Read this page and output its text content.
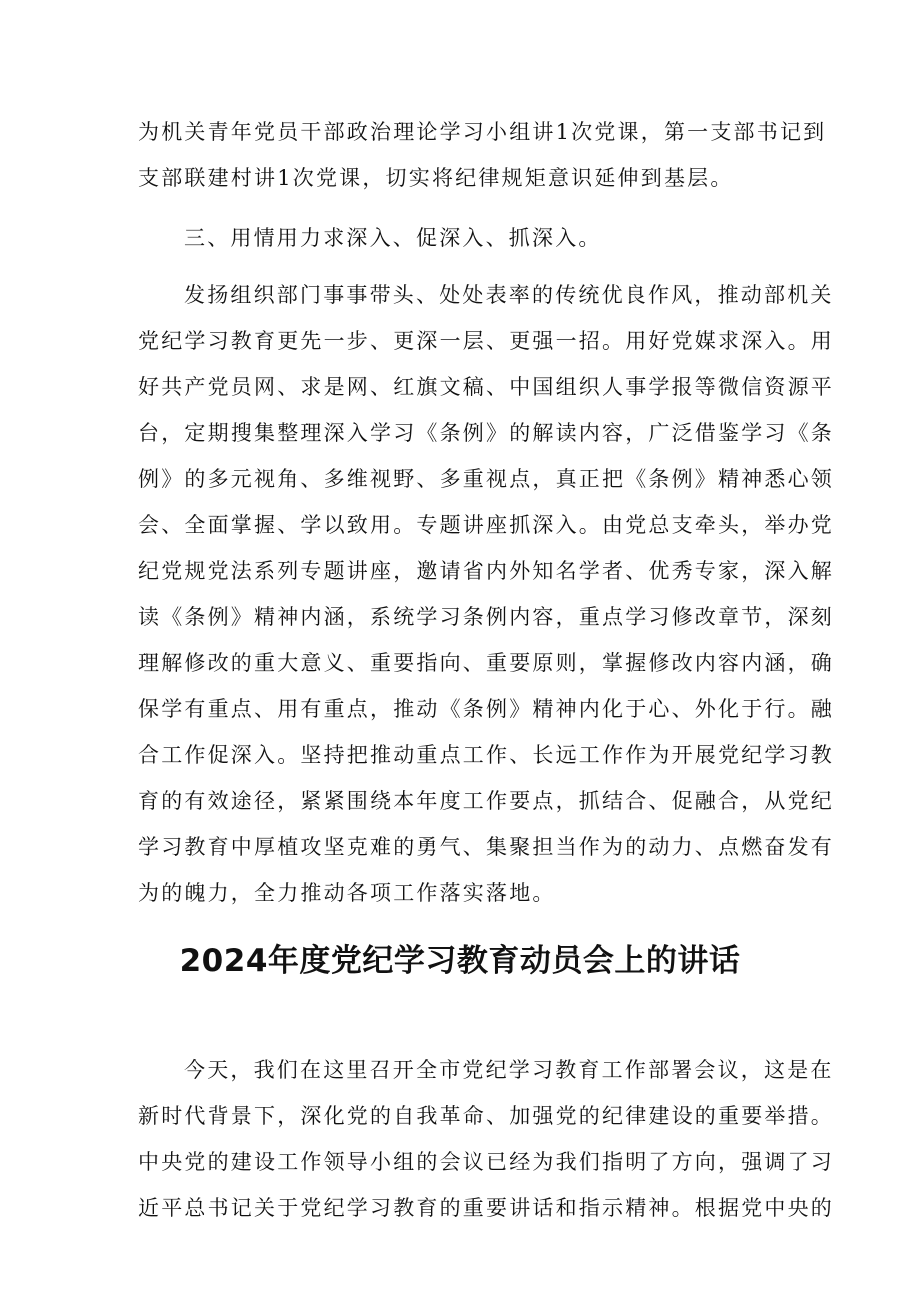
为机关青年党员干部政治理论学习小组讲1次党课，第一支部书记到
支部联建村讲1次党课，切实将纪律规矩意识延伸到基层。
三、用情用力求深入、促深入、抓深入。
发扬组织部门事事带头、处处表率的传统优良作风，推动部机关
党纪学习教育更先一步、更深一层、更强一招。用好党媒求深入。用
好共产党员网、求是网、红旗文稿、中国组织人事学报等微信资源平
台，定期搜集整理深入学习《条例》的解读内容，广泛借鉴学习《条
例》的多元视角、多维视野、多重视点，真正把《条例》精神悉心领
会、全面掌握、学以致用。专题讲座抓深入。由党总支牵头，举办党
纪党规党法系列专题讲座，邀请省内外知名学者、优秀专家，深入解
读《条例》精神内涵，系统学习条例内容，重点学习修改章节，深刻
理解修改的重大意义、重要指向、重要原则，掌握修改内容内涵，确
保学有重点、用有重点，推动《条例》精神内化于心、外化于行。融
合工作促深入。坚持把推动重点工作、长远工作作为开展党纪学习教
育的有效途径，紧紧围绕本年度工作要点，抓结合、促融合，从党纪
学习教育中厚植攻坚克难的勇气、集聚担当作为的动力、点燃奋发有
为的魄力，全力推动各项工作落实落地。
2024年度党纪学习教育动员会上的讲话
今天，我们在这里召开全市党纪学习教育工作部署会议，这是在
新时代背景下，深化党的自我革命、加强党的纪律建设的重要举措。
中央党的建设工作领导小组的会议已经为我们指明了方向，强调了习
近平总书记关于党纪学习教育的重要讲话和指示精神。根据党中央的
